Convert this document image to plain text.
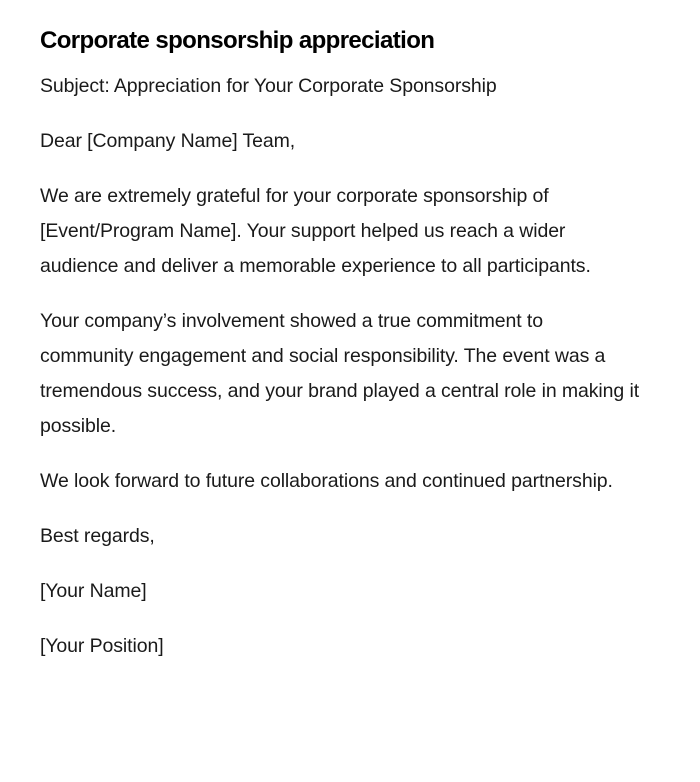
Corporate sponsorship appreciation

Subject: Appreciation for Your Corporate Sponsorship

Dear [Company Name] Team,

We are extremely grateful for your corporate sponsorship of [Event/Program Name]. Your support helped us reach a wider audience and deliver a memorable experience to all participants.

Your company’s involvement showed a true commitment to community engagement and social responsibility. The event was a tremendous success, and your brand played a central role in making it possible.

We look forward to future collaborations and continued partnership.

Best regards,

[Your Name]

[Your Position]
